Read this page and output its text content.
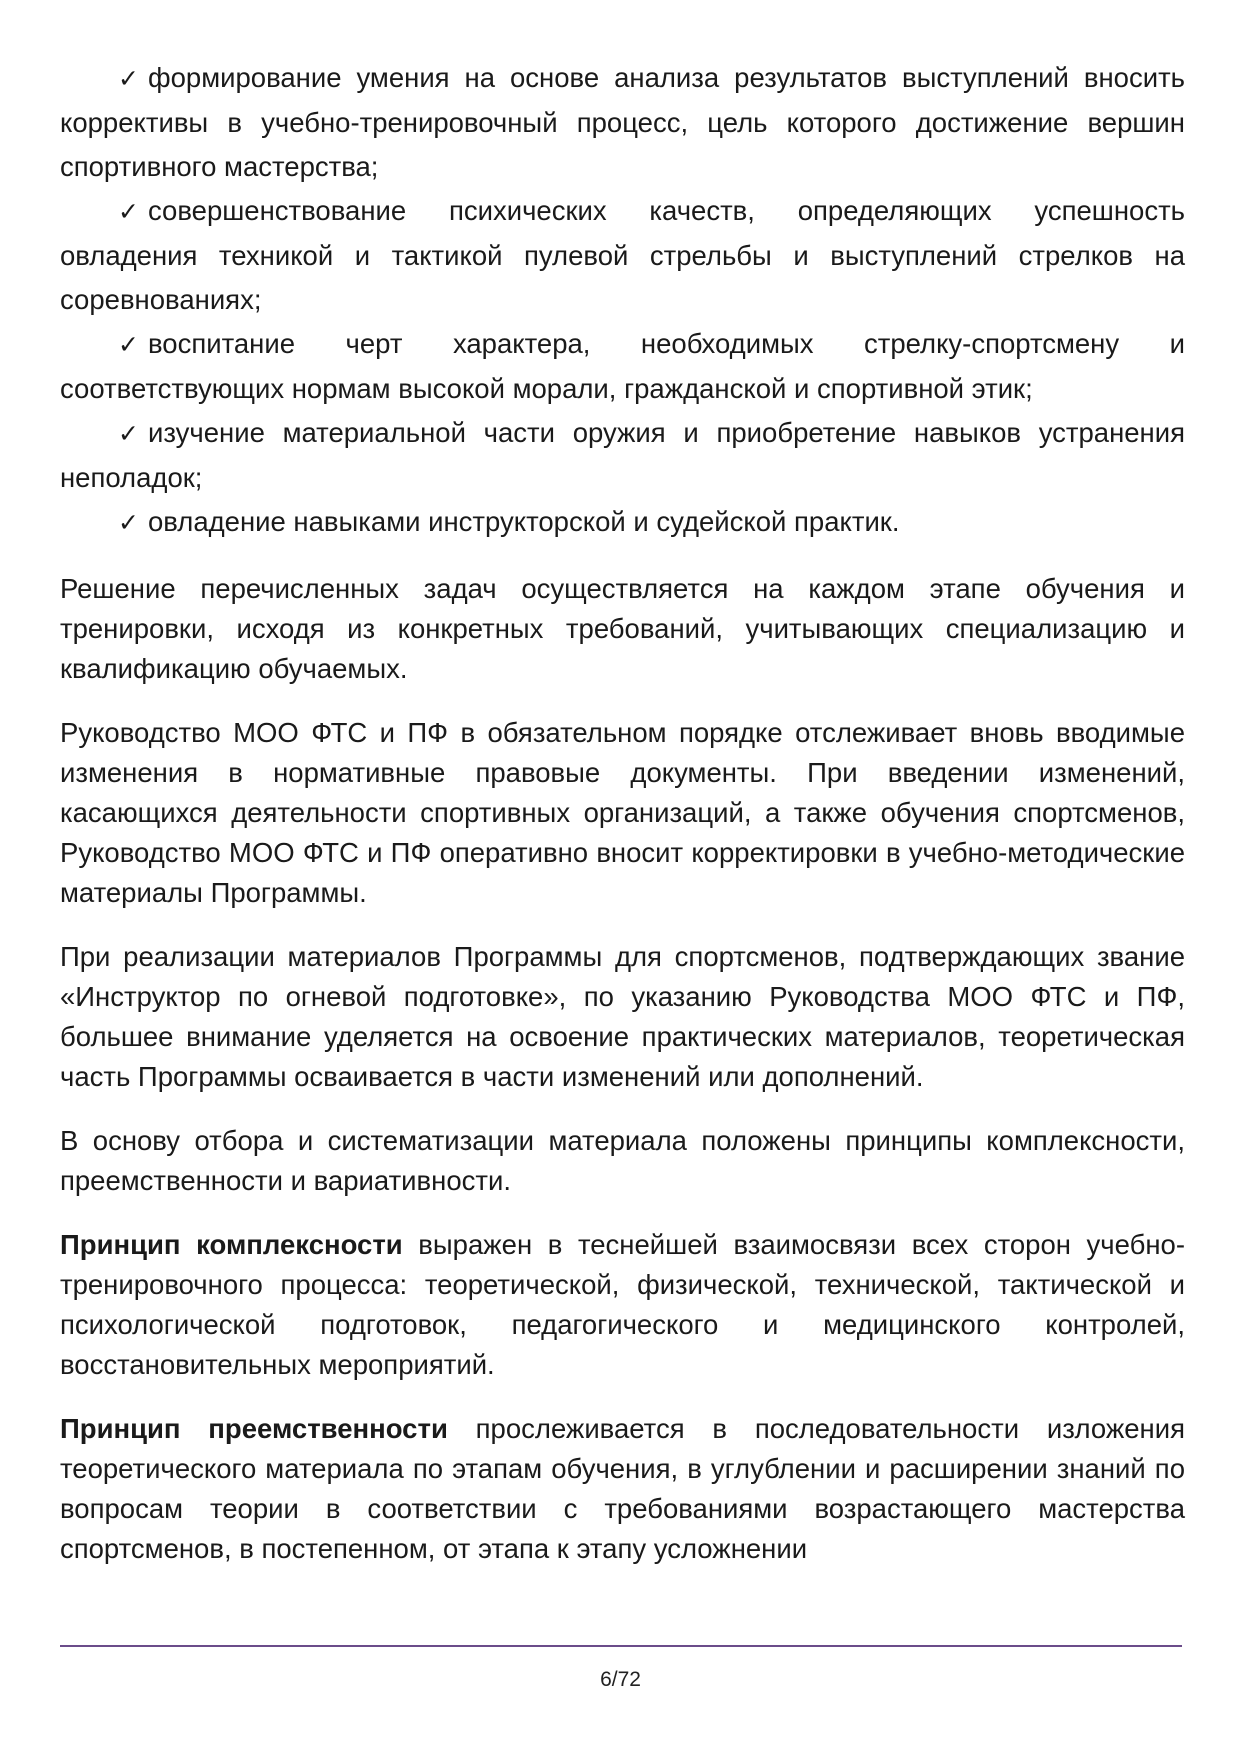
✓ формирование умения на основе анализа результатов выступлений вносить коррективы в учебно-тренировочный процесс, цель которого достижение вершин спортивного мастерства;

✓ совершенствование психических качеств, определяющих успешность овладения техникой и тактикой пулевой стрельбы и выступлений стрелков на соревнованиях;

✓ воспитание черт характера, необходимых стрелку-спортсмену и соответствующих нормам высокой морали, гражданской и спортивной этик;

✓ изучение материальной части оружия и приобретение навыков устранения неполадок;

✓ овладение навыками инструкторской и судейской практик.

Решение перечисленных задач осуществляется на каждом этапе обучения и тренировки, исходя из конкретных требований, учитывающих специализацию и квалификацию обучаемых.

Руководство МОО ФТС и ПФ в обязательном порядке отслеживает вновь вводимые изменения в нормативные правовые документы. При введении изменений, касающихся деятельности спортивных организаций, а также обучения спортсменов, Руководство МОО ФТС и ПФ оперативно вносит корректировки в учебно-методические материалы Программы.

При реализации материалов Программы для спортсменов, подтверждающих звание «Инструктор по огневой подготовке», по указанию Руководства МОО ФТС и ПФ, большее внимание уделяется на освоение практических материалов, теоретическая часть Программы осваивается в части изменений или дополнений.

В основу отбора и систематизации материала положены принципы комплексности, преемственности и вариативности.

Принцип комплексности выражен в теснейшей взаимосвязи всех сторон учебно-тренировочного процесса: теоретической, физической, технической, тактической и психологической подготовок, педагогического и медицинского контролей, восстановительных мероприятий.

Принцип преемственности прослеживается в последовательности изложения теоретического материала по этапам обучения, в углублении и расширении знаний по вопросам теории в соответствии с требованиями возрастающего мастерства спортсменов, в постепенном, от этапа к этапу усложнении

6/72
